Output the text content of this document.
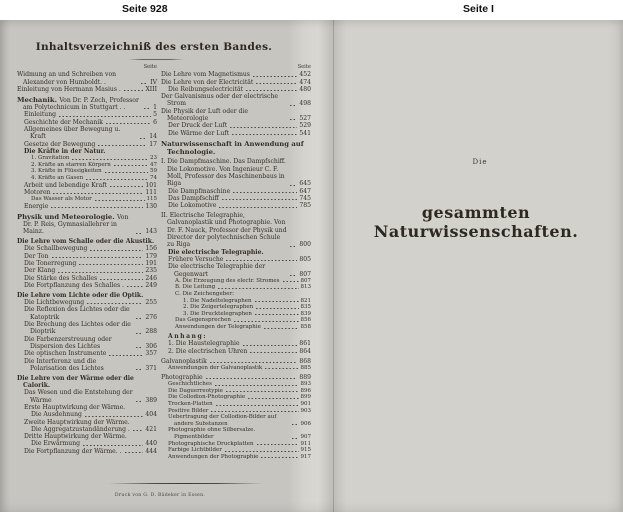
Seite 928	Seite I
Inhaltsverzeichniß des ersten Bandes.
Seite
Widmung an und Schreiben von Alexander von Humboldt. .	IV
Einleitung von Hermann Masius .	XIII
Mechanik. Von Dr. P. Zech, Professor am Polytechnicum in Stuttgart . .	1
Einleitung	5
Geschichte der Mechanik	6
Allgemeines über Bewegung u. Kraft	14
Gesetze der Bewegung	17
Die Kräfte in der Natur.
1. Gravitation	23
2. Kräfte an starren Körpern	47
3. Kräfte in Flüssigkeiten	59
4. Kräfte an Gasen	74
Arbeit und lebendige Kraft	101
Motoren	111
Das Wasser als Motor	115
Energie	130
Physik und Meteorologie. Von Dr. P. Reis, Gymnasiallehrer in Mainz.	143
Die Lehre vom Schalle oder die Akustik.
Die Schallbewegung	156
Der Ton	179
Die Tonerregung	191
Der Klang	235
Die Stärke des Schalles	246
Die Fortpflanzung des Schalles .	249
Die Lehre vom Lichte oder die Optik.
Die Lichtbewegung	255
Die Reflexion des Lichtes oder die Katoptrik	276
Die Brechung des Lichtes oder die Dioptrik	288
Die Farbenzerstreuung oder Dispersion des Lichtes	306
Die optischen Instrumente	357
Die Interferenz und die Polarisation des Lichtes	371
Die Lehre von der Wärme oder die Calorik.
Das Wesen und die Entstehung der Wärme	389
Erste Hauptwirkung der Wärme.
Die Ausdehnung	404
Zweite Hauptwirkung der Wärme.
Die Aggregatzustandänderung .	421
Dritte Hauptwirkung der Wärme.
Die Erwärmung	440
Die Fortpflanzung der Wärme. .	444
Seite
Die Lehre vom Magnetismus	452
Die Lehre von der Electricität	474
Die Reibungselectricität	480
Der Galvanismus oder der electrische Strom	498
Die Physik der Luft oder die Meteorologie	527
Der Druck der Luft	529
Die Wärme der Luft	541
Naturwissenschaft in Anwendung auf Technologie.
I. Die Dampfmaschine. Das Dampfschiff. Die Lokomotive. Von Ingenieur C. F. Moll, Professor des Maschinenbaus in Riga	645
Die Dampfmaschine	647
Das Dampfschiff	745
Die Lokomotive	785
II. Electrische Telegraphie, Galvanoplastik und Photographie. Von Dr. F. Nauck, Professor der Physik und Director der polytechnischen Schule zu Riga	800
Die electrische Telegraphie.
Frühere Versuche	805
Die electrische Telegraphie der Gegenwart	807
A. Die Erzeugung des electr. Stromes	807
B. Die Leitung	813
C. Die Zeichengeber:
1. Die Nadeltelegraphen	821
2. Die Zeigertelegraphen	835
3. Die Drucktelegraphen	839
Das Gegensprechen	856
Anwendungen der Telegraphie	858
Anhang:
1. Die Haustelegraphie	861
2. Die electrischen Uhren	864
Galvanoplastik	868
Anwendungen der Galvanoplastik	885
Photographie	889
Geschichtliches	893
Die Daguerreotypie	896
Die Collodion-Photographie	899
Trocken-Platten	901
Positive Bilder	903
Uebertragung der Collodion-Bilder auf andere Substanzen	906
Photographie ohne Silbersalze. Pigmentbilder	907
Photographische Druckplatten	911
Farbige Lichtbilder	915
Anwendungen der Photographie	917
Druck von G. D. Bädeker in Essen.
Die
gesammten Naturwissenschaften.
